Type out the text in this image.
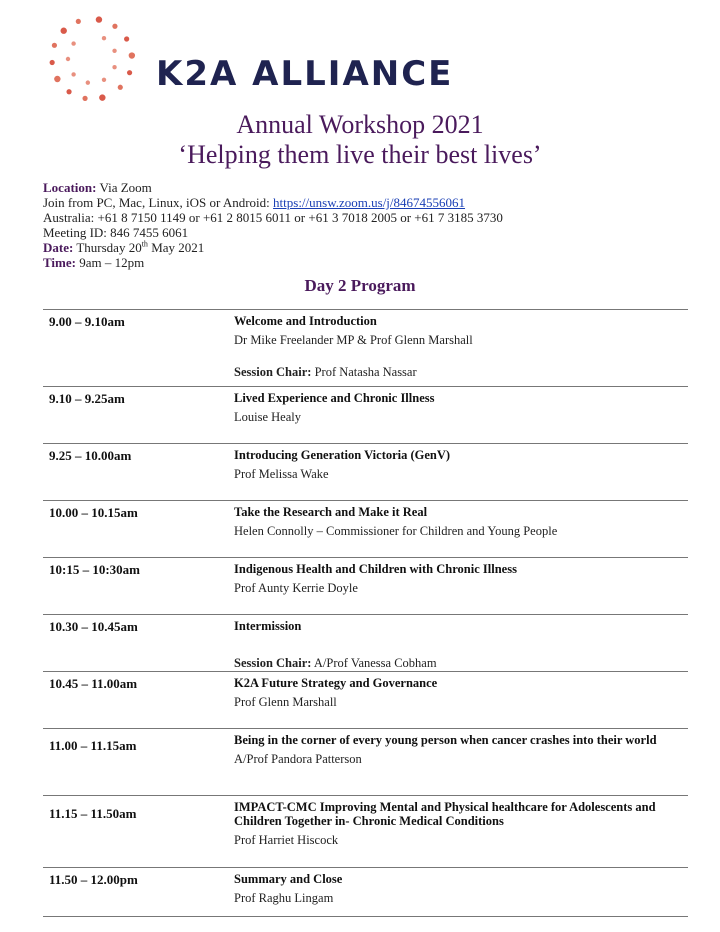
K2A ALLIANCE
Annual Workshop 2021
‘Helping them live their best lives’
Location: Via Zoom
Join from PC, Mac, Linux, iOS or Android: https://unsw.zoom.us/j/84674556061
Australia: +61 8 7150 1149 or +61 2 8015 6011 or +61 3 7018 2005 or +61 7 3185 3730
Meeting ID: 846 7455 6061
Date: Thursday 20th May 2021
Time: 9am – 12pm
Day 2 Program
9.00 – 9.10am	Welcome and Introduction
Dr Mike Freelander MP & Prof Glenn Marshall
Session Chair: Prof Natasha Nassar
9.10 – 9.25am	Lived Experience and Chronic Illness
Louise Healy
9.25 – 10.00am	Introducing Generation Victoria (GenV)
Prof Melissa Wake
10.00 – 10.15am	Take the Research and Make it Real
Helen Connolly – Commissioner for Children and Young People
10:15 – 10:30am	Indigenous Health and Children with Chronic Illness
Prof Aunty Kerrie Doyle
10.30 – 10.45am	Intermission
Session Chair: A/Prof Vanessa Cobham
10.45 – 11.00am	K2A Future Strategy and Governance
Prof Glenn Marshall
11.00 – 11.15am	Being in the corner of every young person when cancer crashes into their world
A/Prof Pandora Patterson
11.15 – 11.50am	IMPACT-CMC Improving Mental and Physical healthcare for Adolescents and Children Together in- Chronic Medical Conditions
Prof Harriet Hiscock
11.50 – 12.00pm	Summary and Close
Prof Raghu Lingam
